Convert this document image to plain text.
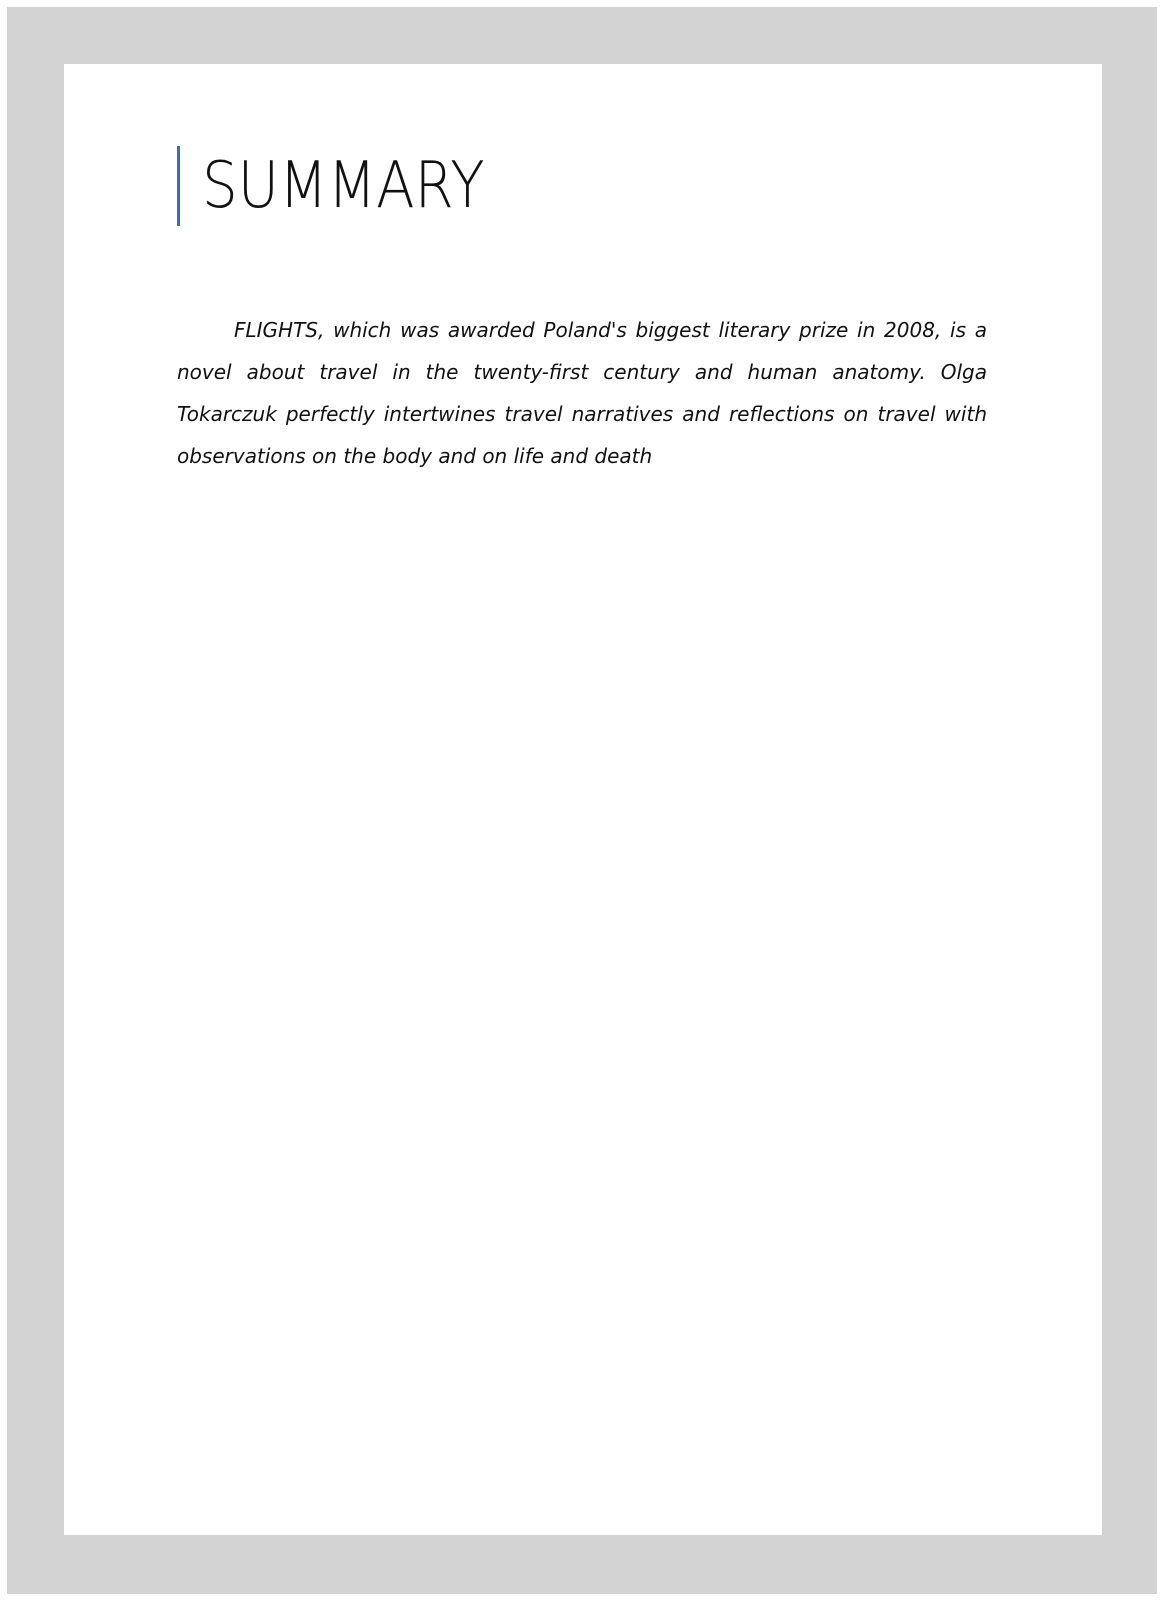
SUMMARY

FLIGHTS, which was awarded Poland's biggest literary prize in 2008, is a novel about travel in the twenty-first century and human anatomy. Olga Tokarczuk perfectly intertwines travel narratives and reflections on travel with observations on the body and on life and death
